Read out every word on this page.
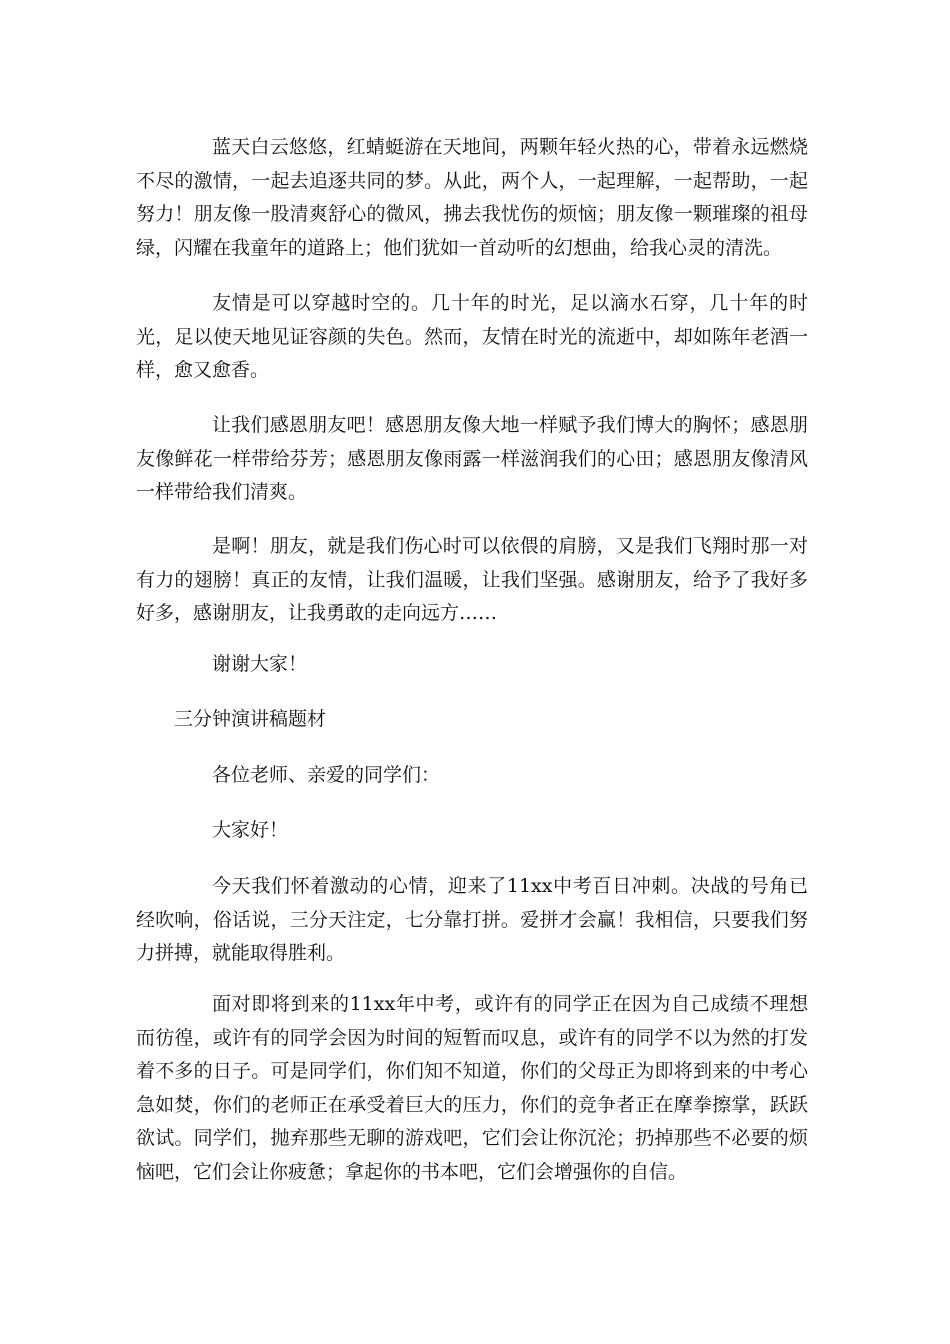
蓝天白云悠悠，红蜻蜓游在天地间，两颗年轻火热的心，带着永远燃烧不尽的激情，一起去追逐共同的梦。从此，两个人，一起理解，一起帮助，一起努力！朋友像一股清爽舒心的微风，拂去我忧伤的烦恼；朋友像一颗璀璨的祖母绿，闪耀在我童年的道路上；他们犹如一首动听的幻想曲，给我心灵的清洗。

友情是可以穿越时空的。几十年的时光，足以滴水石穿，几十年的时光，足以使天地见证容颜的失色。然而，友情在时光的流逝中，却如陈年老酒一样，愈又愈香。

让我们感恩朋友吧！感恩朋友像大地一样赋予我们博大的胸怀；感恩朋友像鲜花一样带给芬芳；感恩朋友像雨露一样滋润我们的心田；感恩朋友像清风一样带给我们清爽。

是啊！朋友，就是我们伤心时可以依偎的肩膀，又是我们飞翔时那一对有力的翅膀！真正的友情，让我们温暖，让我们坚强。感谢朋友，给予了我好多好多，感谢朋友，让我勇敢的走向远方……

谢谢大家！

三分钟演讲稿题材

各位老师、亲爱的同学们：

大家好！

今天我们怀着激动的心情，迎来了11xx中考百日冲刺。决战的号角已经吹响，俗话说，三分天注定，七分靠打拼。爱拼才会赢！我相信，只要我们努力拼搏，就能取得胜利。

面对即将到来的11xx年中考，或许有的同学正在因为自己成绩不理想而彷徨，或许有的同学会因为时间的短暂而叹息，或许有的同学不以为然的打发着不多的日子。可是同学们，你们知不知道，你们的父母正为即将到来的中考心急如焚，你们的老师正在承受着巨大的压力，你们的竞争者正在摩拳擦掌，跃跃欲试。同学们，抛弃那些无聊的游戏吧，它们会让你沉沦；扔掉那些不必要的烦恼吧，它们会让你疲惫；拿起你的书本吧，它们会增强你的自信。
